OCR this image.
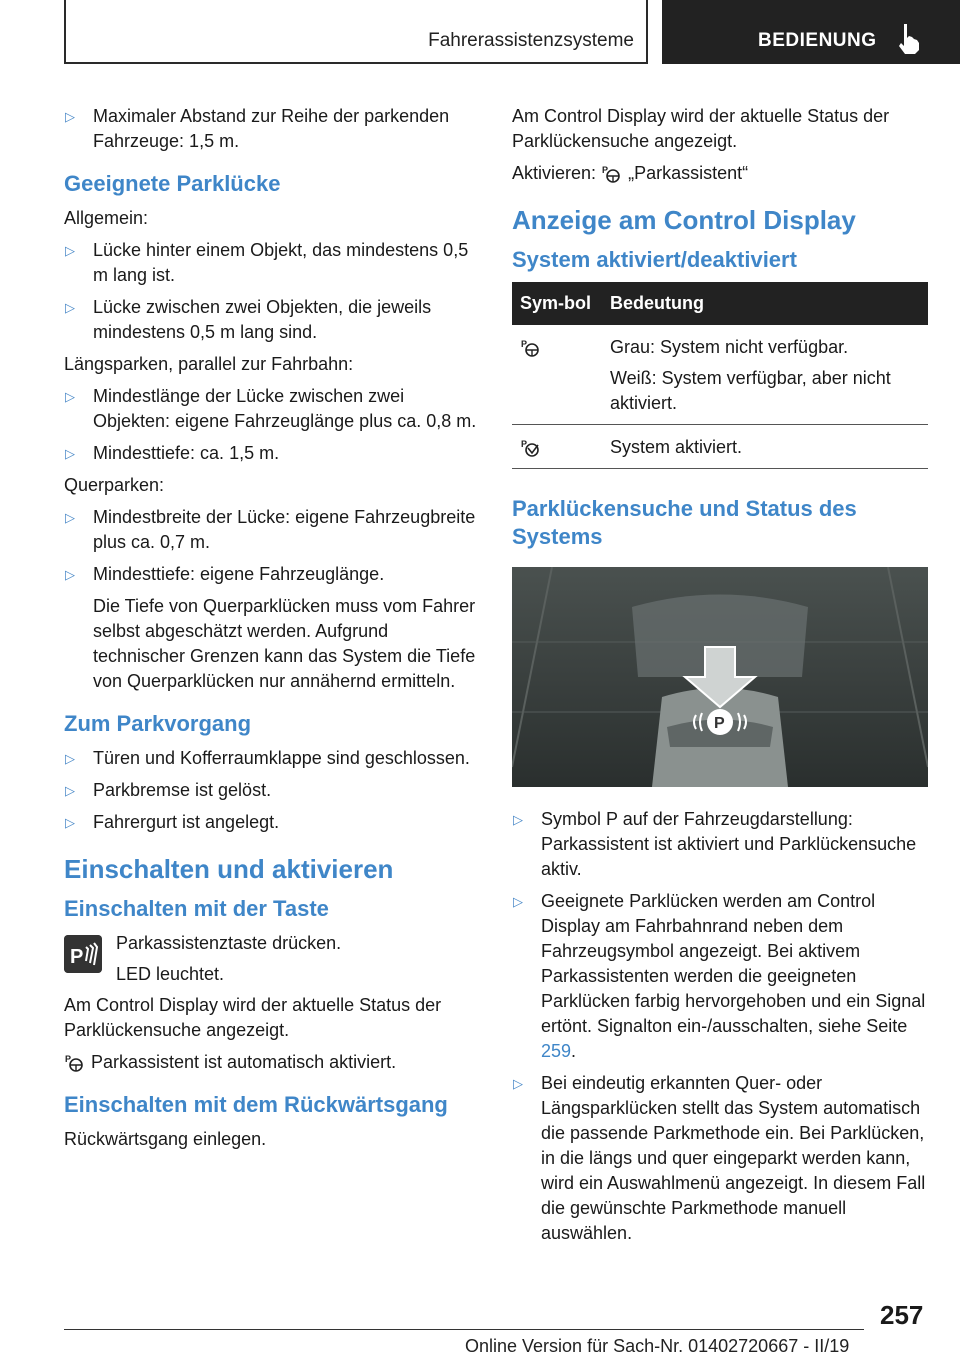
Fahrerassistenzsysteme	BEDIENUNG
▷ Maximaler Abstand zur Reihe der parkenden Fahrzeuge: 1,5 m.
Geeignete Parklücke

Allgemein:

▷ Lücke hinter einem Objekt, das mindestens 0,5 m lang ist.
▷ Lücke zwischen zwei Objekten, die jeweils mindestens 0,5 m lang sind.

Längsparken, parallel zur Fahrbahn:

▷ Mindestlänge der Lücke zwischen zwei Objekten: eigene Fahrzeuglänge plus ca. 0,8 m.
▷ Mindesttiefe: ca. 1,5 m.

Querparken:

▷ Mindestbreite der Lücke: eigene Fahrzeugbreite plus ca. 0,7 m.
▷ Mindesttiefe: eigene Fahrzeuglänge.

Die Tiefe von Querparklücken muss vom Fahrer selbst abgeschätzt werden. Aufgrund technischer Grenzen kann das System die Tiefe von Querparklücken nur annähernd ermitteln.

Zum Parkvorgang
▷ Türen und Kofferraumklappe sind geschlossen.
▷ Parkbremse ist gelöst.
▷ Fahrergurt ist angelegt.
Einschalten und aktivieren
Einschalten mit der Taste
P

Parkassistenztaste drücken.

LED leuchtet.

Am Control Display wird der aktuelle Status der Parklückensuche angezeigt.

P Parkassistent ist automatisch aktiviert.

Einschalten mit dem Rückwärtsgang

Rückwärtsgang einlegen.

Am Control Display wird der aktuelle Status der Parklückensuche angezeigt.

Aktivieren: P „Parkassistent“

Anzeige am Control Display
System aktiviert/deaktiviert
Sym-bol	Bedeutung

P	Grau: System nicht verfügbar.

Weiß: System verfügbar, aber nicht aktiviert.

P	System aktiviert.
Parklückensuche und Status des Systems
P
▷ Symbol P auf der Fahrzeugdarstellung: Parkassistent ist aktiviert und Parklückensuche aktiv.
▷ Geeignete Parklücken werden am Control Display am Fahrbahnrand neben dem Fahrzeugsymbol angezeigt. Bei aktivem Parkassistenten werden die geeigneten Parklücken farbig hervorgehoben und ein Signal ertönt. Signalton ein-/ausschalten, siehe Seite 259.
▷ Bei eindeutig erkannten Quer- oder Längsparklücken stellt das System automatisch die passende Parkmethode ein. Bei Parklücken, in die längs und quer eingeparkt werden kann, wird ein Auswahlmenü angezeigt. In diesem Fall die gewünschte Parkmethode manuell auswählen.
257
Online Version für Sach-Nr. 01402720667 - II/19
